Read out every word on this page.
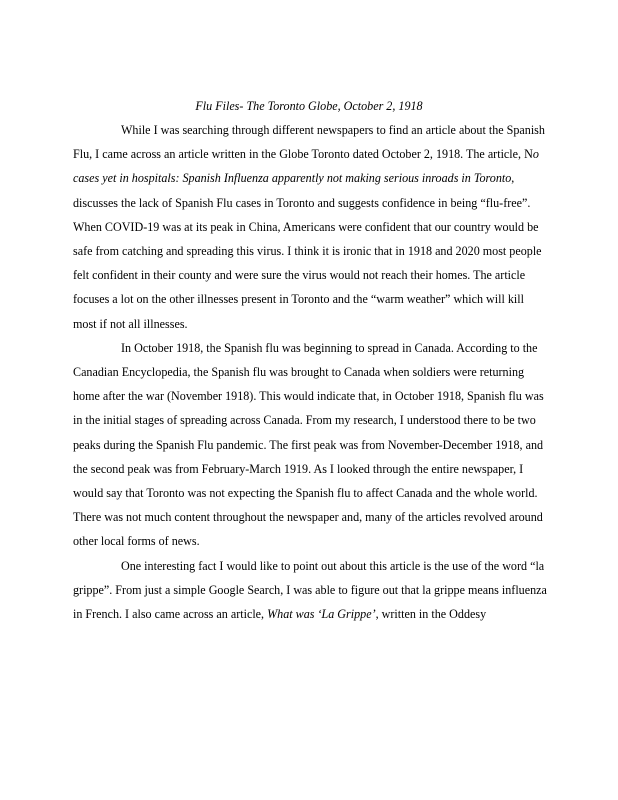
Flu Files- The Toronto Globe, October 2, 1918

While I was searching through different newspapers to find an article about the Spanish Flu, I came across an article written in the Globe Toronto dated October 2, 1918. The article, No cases yet in hospitals: Spanish Influenza apparently not making serious inroads in Toronto, discusses the lack of Spanish Flu cases in Toronto and suggests confidence in being “flu-free”. When COVID-19 was at its peak in China, Americans were confident that our country would be safe from catching and spreading this virus. I think it is ironic that in 1918 and 2020 most people felt confident in their county and were sure the virus would not reach their homes. The article focuses a lot on the other illnesses present in Toronto and the “warm weather” which will kill most if not all illnesses.

In October 1918, the Spanish flu was beginning to spread in Canada. According to the Canadian Encyclopedia, the Spanish flu was brought to Canada when soldiers were returning home after the war (November 1918). This would indicate that, in October 1918, Spanish flu was in the initial stages of spreading across Canada. From my research, I understood there to be two peaks during the Spanish Flu pandemic. The first peak was from November-December 1918, and the second peak was from February-March 1919. As I looked through the entire newspaper, I would say that Toronto was not expecting the Spanish flu to affect Canada and the whole world. There was not much content throughout the newspaper and, many of the articles revolved around other local forms of news.

One interesting fact I would like to point out about this article is the use of the word “la grippe”. From just a simple Google Search, I was able to figure out that la grippe means influenza in French. I also came across an article, What was ‘La Grippe’, written in the Oddesy
